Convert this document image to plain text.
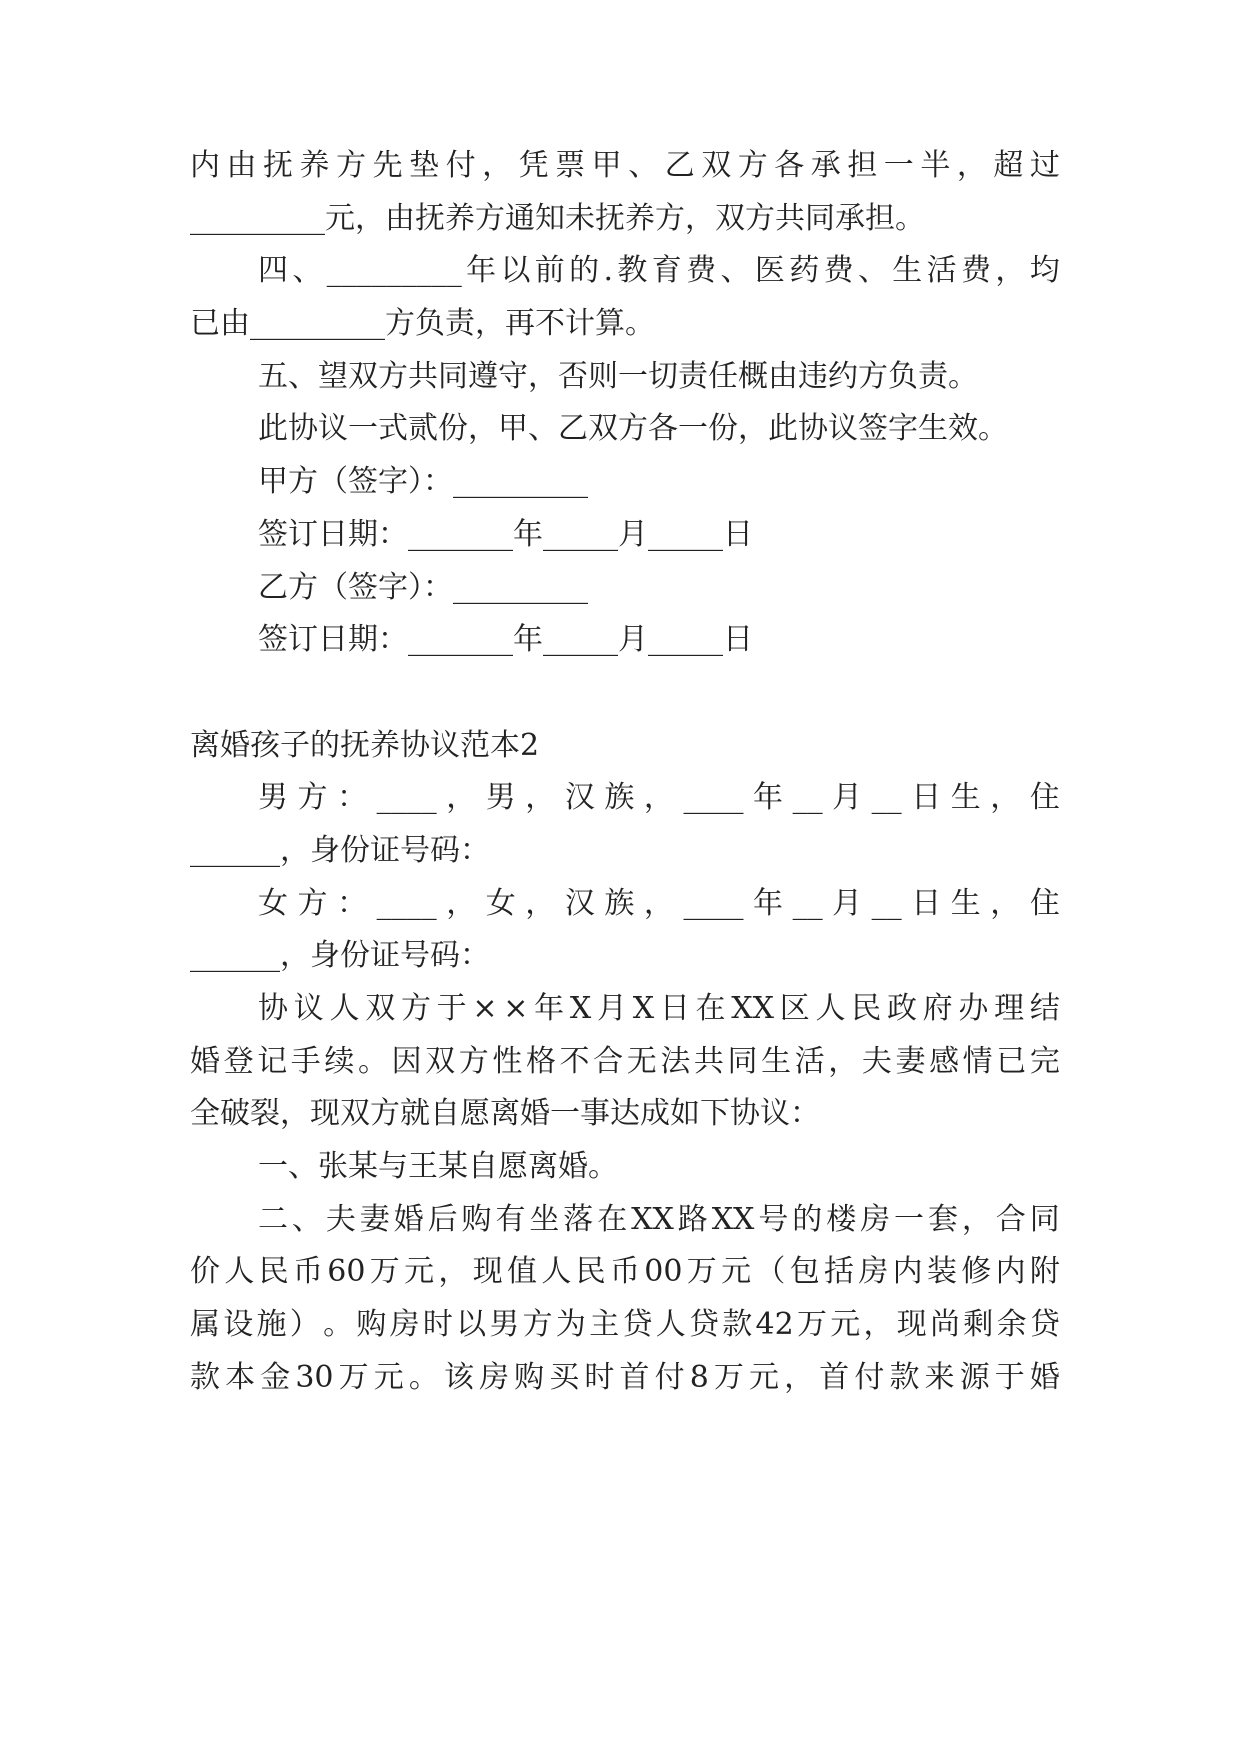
内 由 抚 养 方 先 垫 付 ， 凭 票 甲 、 乙 双 方 各 承 担 一 半 ， 超 过
_________元，由抚养方通知未抚养方，双方共同承担。
四 、 _________ 年 以 前 的 . 教 育 费 、 医 药 费 、 生 活 费 ， 均
已由_________方负责，再不计算。
五、望双方共同遵守，否则一切责任概由违约方负责。
此协议一式贰份，甲、乙双方各一份，此协议签字生效。
甲方（签字）：_________
签订日期：_______年_____月_____日
乙方（签字）：_________
签订日期：_______年_____月_____日
离婚孩子的抚养协议范本2
男 方 ： ____ ， 男 ， 汉 族 ， ____ 年 __ 月 __ 日 生 ， 住
______，身份证号码：
女 方 ： ____ ， 女 ， 汉 族 ， ____ 年 __ 月 __ 日 生 ， 住
______，身份证号码：
协 议 人 双 方 于 × × 年 X 月 X 日 在 XX 区 人 民 政 府 办 理 结
婚 登 记 手 续 。 因 双 方 性 格 不 合 无 法 共 同 生 活 ， 夫 妻 感 情 已 完
全破裂，现双方就自愿离婚一事达成如下协议：
一、张某与王某自愿离婚。
二 、 夫 妻 婚 后 购 有 坐 落 在 XX 路 XX 号 的 楼 房 一 套 ， 合 同
价 人 民 币 60 万 元 ， 现 值 人 民 币 00 万 元 （ 包 括 房 内 装 修 内 附
属 设 施 ） 。 购 房 时 以 男 方 为 主 贷 人 贷 款 42 万 元 ， 现 尚 剩 余 贷
款 本 金 30 万 元 。 该 房 购 买 时 首 付 8 万 元 ， 首 付 款 来 源 于 婚
